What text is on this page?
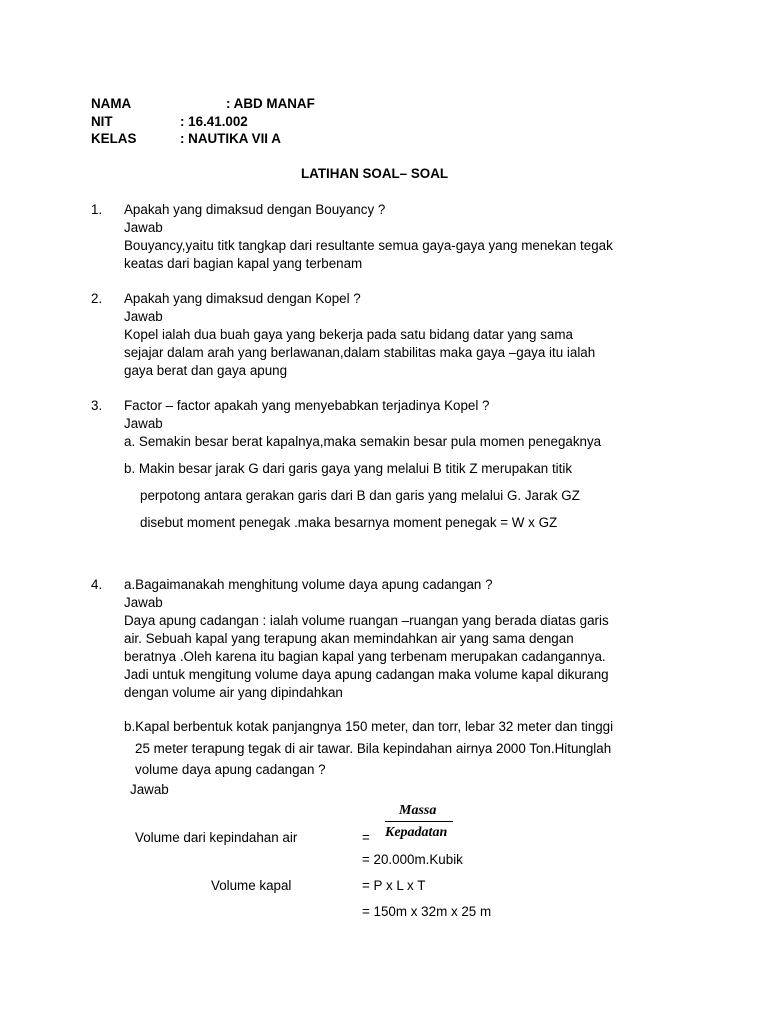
NAMA	: ABD MANAF
NIT	: 16.41.002
KELAS	: NAUTIKA VII A
LATIHAN SOAL– SOAL
1. Apakah yang dimaksud dengan Bouyancy ?
Jawab
Bouyancy,yaitu titk tangkap dari resultante semua gaya-gaya yang menekan tegak
keatas dari bagian kapal yang terbenam
2. Apakah yang dimaksud dengan Kopel ?
Jawab
Kopel ialah dua buah gaya yang bekerja pada satu bidang datar yang sama
sejajar dalam arah yang berlawanan,dalam stabilitas maka gaya –gaya itu ialah
gaya berat dan gaya apung
3. Factor – factor apakah yang menyebabkan terjadinya Kopel ?
Jawab
a. Semakin besar berat kapalnya,maka semakin besar pula momen penegaknya
b. Makin besar jarak G dari garis gaya yang melalui B titik Z merupakan titik
perpotong antara gerakan garis dari B dan garis yang melalui G. Jarak GZ
disebut moment penegak .maka besarnya moment penegak = W x GZ
4. a.Bagaimanakah menghitung volume daya apung cadangan ?
Jawab
Daya apung cadangan : ialah volume ruangan –ruangan yang berada diatas garis
air. Sebuah kapal yang terapung akan memindahkan air yang sama dengan
beratnya .Oleh karena itu bagian kapal yang terbenam merupakan cadangannya.
Jadi untuk mengitung volume daya apung cadangan maka volume kapal dikurang
dengan volume air yang dipindahkan
b.Kapal berbentuk kotak panjangnya 150 meter, dan torr, lebar 32 meter dan tinggi
25 meter terapung tegak di air tawar. Bila kepindahan airnya 2000 Ton.Hitunglah
volume daya apung cadangan ?
Jawab
Massa
Kepadatan
Volume dari kepindahan air	=
= 20.000m.Kubik
Volume kapal	= P x L x T
= 150m x 32m x 25 m
